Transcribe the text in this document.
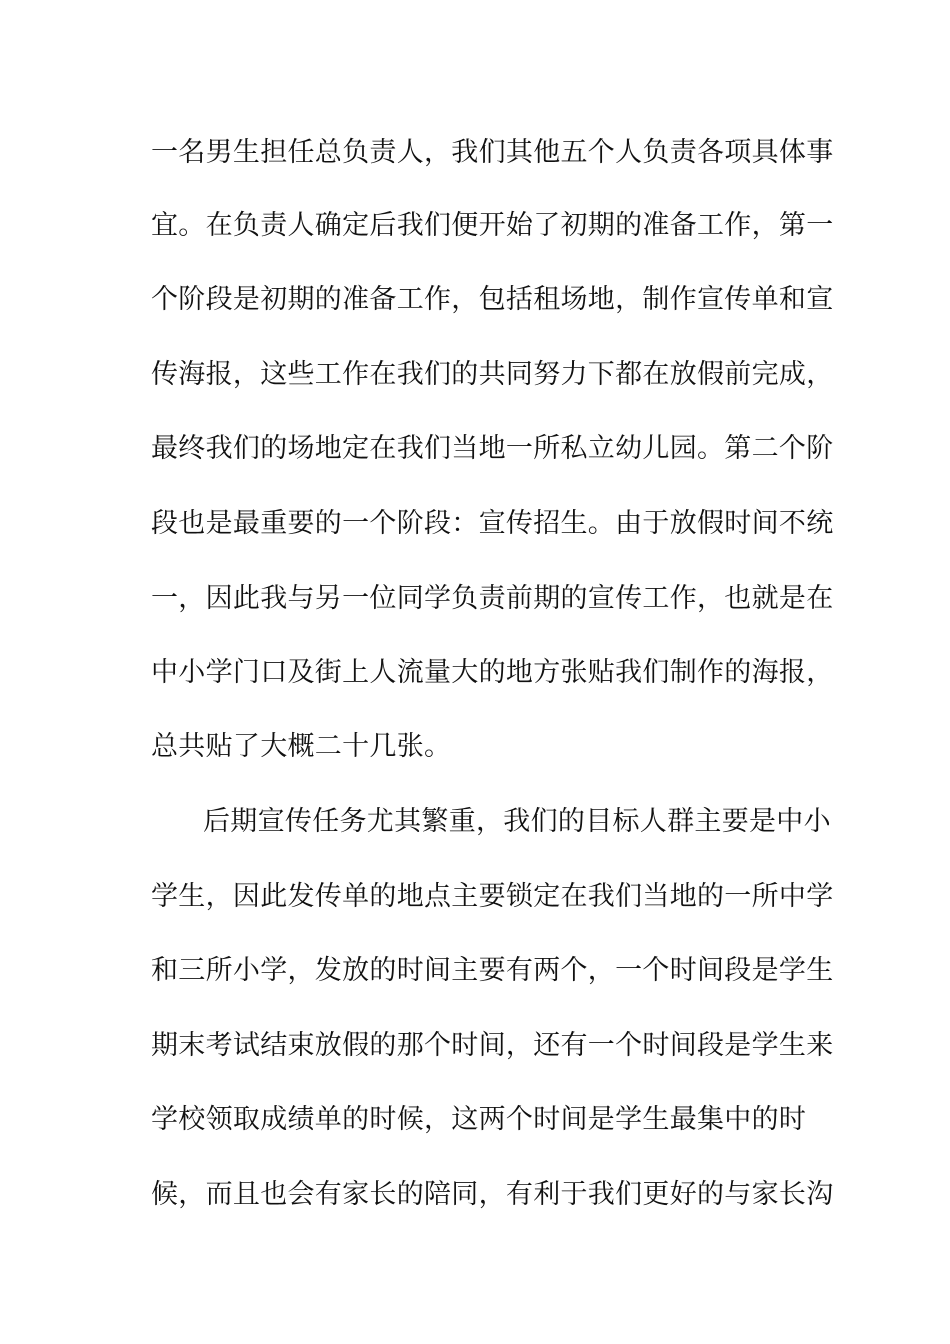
一名男生担任总负责人，我们其他五个人负责各项具体事
宜。在负责人确定后我们便开始了初期的准备工作，第一
个阶段是初期的准备工作，包括租场地，制作宣传单和宣
传海报，这些工作在我们的共同努力下都在放假前完成，
最终我们的场地定在我们当地一所私立幼儿园。第二个阶
段也是最重要的一个阶段：宣传招生。由于放假时间不统
一，因此我与另一位同学负责前期的宣传工作，也就是在
中小学门口及街上人流量大的地方张贴我们制作的海报，
总共贴了大概二十几张。
后期宣传任务尤其繁重，我们的目标人群主要是中小
学生，因此发传单的地点主要锁定在我们当地的一所中学
和三所小学，发放的时间主要有两个，一个时间段是学生
期末考试结束放假的那个时间，还有一个时间段是学生来
学校领取成绩单的时候，这两个时间是学生最集中的时
候，而且也会有家长的陪同，有利于我们更好的与家长沟
